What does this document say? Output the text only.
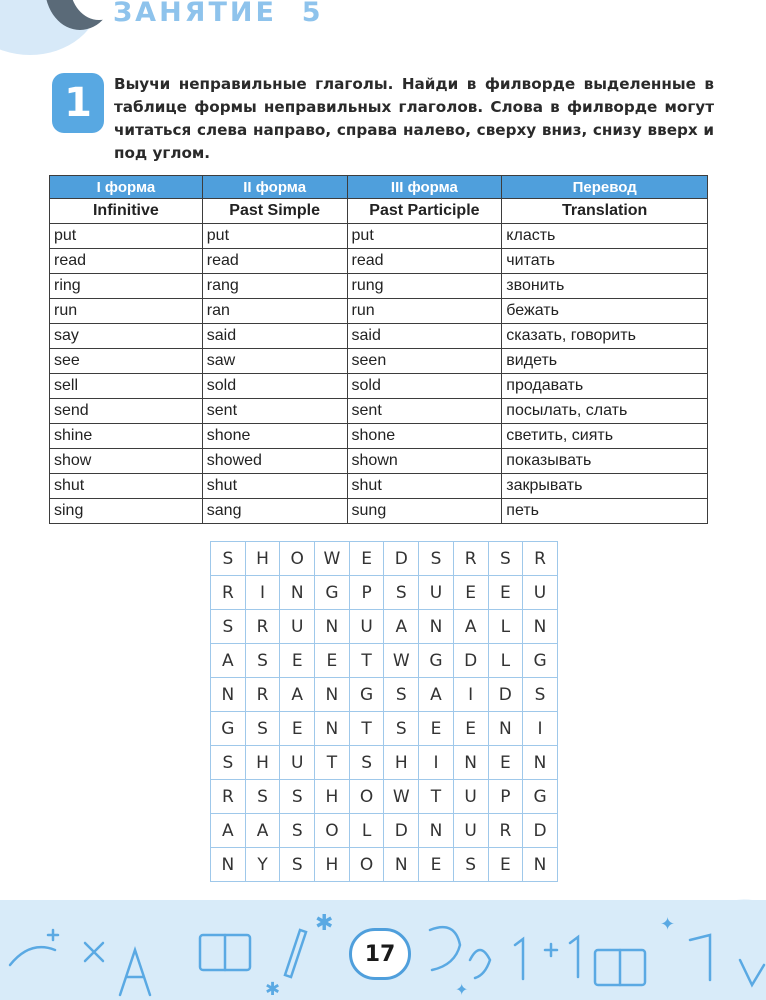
ЗАНЯТИЕ  5
1	Выучи неправильные глаголы. Найди в филворде выделенные в таблице формы неправильных глаголов. Слова в филворде могут читаться слева направо, справа налево, сверху вниз, снизу вверх и под углом.
I форма	II форма	III форма	Перевод
Infinitive	Past Simple	Past Participle	Translation
put	put	put	класть
read	read	read	читать
ring	rang	rung	звонить
run	ran	run	бежать
say	said	said	сказать, говорить
see	saw	seen	видеть
sell	sold	sold	продавать
send	sent	sent	посылать, слать
shine	shone	shone	светить, сиять
show	showed	shown	показывать
shut	shut	shut	закрывать
sing	sang	sung	петь
S	H	O	W	E	D	S	R	S	R
R	I	N	G	P	S	U	E	E	U
S	R	U	N	U	A	N	A	L	N
A	S	E	E	T	W	G	D	L	G
N	R	A	N	G	S	A	I	D	S
G	S	E	N	T	S	E	E	N	I
S	H	U	T	S	H	I	N	E	N
R	S	S	H	O	W	T	U	P	G
A	A	S	O	L	D	N	U	R	D
N	Y	S	H	O	N	E	S	E	N
✱
✱
✦
✦
17
